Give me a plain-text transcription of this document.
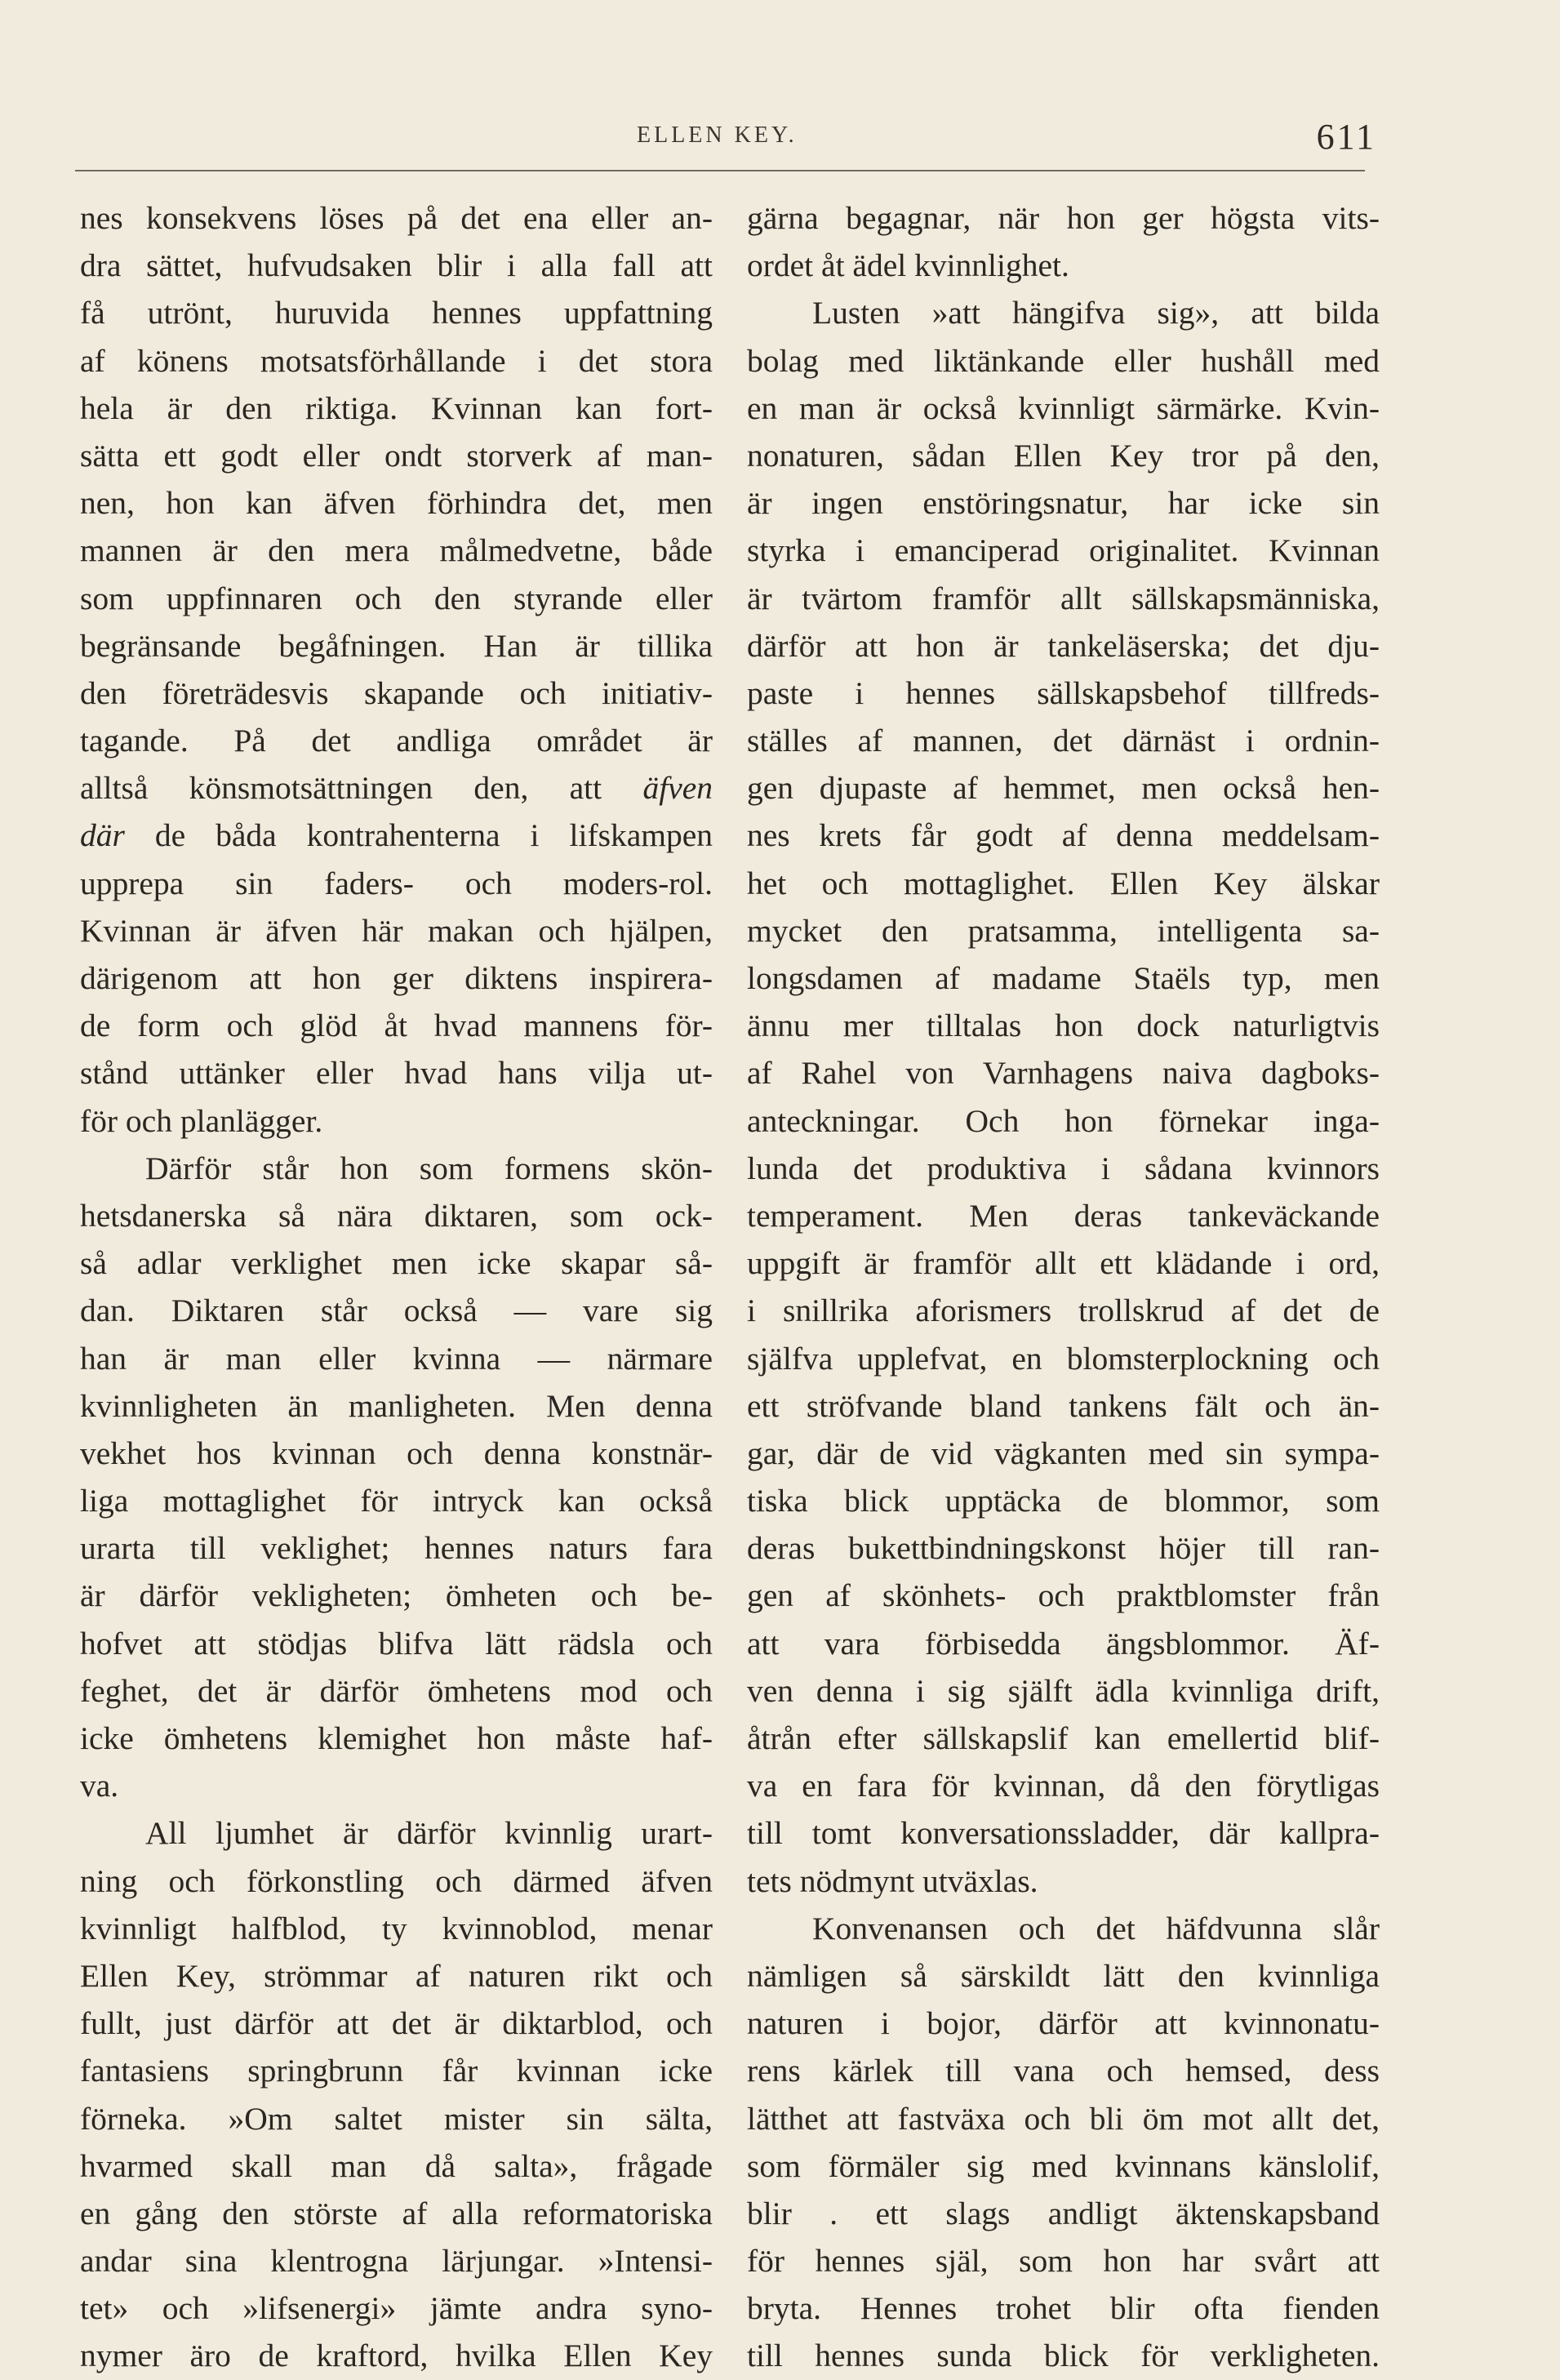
ELLEN KEY.	611
nes konsekvens löses på det ena eller an-
dra sättet, hufvudsaken blir i alla fall att
få utrönt, huruvida hennes uppfattning
af könens motsatsförhållande i det stora
hela är den riktiga. Kvinnan kan fort-
sätta ett godt eller ondt storverk af man-
nen, hon kan äfven förhindra det, men
mannen är den mera målmedvetne, både
som uppfinnaren och den styrande eller
begränsande begåfningen. Han är tillika
den företrädesvis skapande och initiativ-
tagande. På det andliga området är
alltså könsmotsättningen den, att äfven
där de båda kontrahenterna i lifskampen
upprepa sin faders- och moders-rol.
Kvinnan är äfven här makan och hjälpen,
därigenom att hon ger diktens inspirera-
de form och glöd åt hvad mannens för-
stånd uttänker eller hvad hans vilja ut-
för och planlägger.
Därför står hon som formens skön-
hetsdanerska så nära diktaren, som ock-
så adlar verklighet men icke skapar så-
dan. Diktaren står också — vare sig
han är man eller kvinna — närmare
kvinnligheten än manligheten. Men denna
vekhet hos kvinnan och denna konstnär-
liga mottaglighet för intryck kan också
urarta till veklighet; hennes naturs fara
är därför vekligheten; ömheten och be-
hofvet att stödjas blifva lätt rädsla och
feghet, det är därför ömhetens mod och
icke ömhetens klemighet hon måste haf-
va.
All ljumhet är därför kvinnlig urart-
ning och förkonstling och därmed äfven
kvinnligt halfblod, ty kvinnoblod, menar
Ellen Key, strömmar af naturen rikt och
fullt, just därför att det är diktarblod, och
fantasiens springbrunn får kvinnan icke
förneka. »Om saltet mister sin sälta,
hvarmed skall man då salta», frågade
en gång den störste af alla reformatoriska
andar sina klentrogna lärjungar. »Intensi-
tet» och »lifsenergi» jämte andra syno-
nymer äro de kraftord, hvilka Ellen Key
gärna begagnar, när hon ger högsta vits-
ordet åt ädel kvinnlighet.
Lusten »att hängifva sig», att bilda
bolag med liktänkande eller hushåll med
en man är också kvinnligt särmärke. Kvin-
nonaturen, sådan Ellen Key tror på den,
är ingen enstöringsnatur, har icke sin
styrka i emanciperad originalitet. Kvinnan
är tvärtom framför allt sällskapsmänniska,
därför att hon är tankeläserska; det dju-
paste i hennes sällskapsbehof tillfreds-
ställes af mannen, det därnäst i ordnin-
gen djupaste af hemmet, men också hen-
nes krets får godt af denna meddelsam-
het och mottaglighet. Ellen Key älskar
mycket den pratsamma, intelligenta sa-
longsdamen af madame Staëls typ, men
ännu mer tilltalas hon dock naturligtvis
af Rahel von Varnhagens naiva dagboks-
anteckningar. Och hon förnekar inga-
lunda det produktiva i sådana kvinnors
temperament. Men deras tankeväckande
uppgift är framför allt ett klädande i ord,
i snillrika aforismers trollskrud af det de
själfva upplefvat, en blomsterplockning och
ett ströfvande bland tankens fält och än-
gar, där de vid vägkanten med sin sympa-
tiska blick upptäcka de blommor, som
deras bukettbindningskonst höjer till ran-
gen af skönhets- och praktblomster från
att vara förbisedda ängsblommor. Äf-
ven denna i sig själft ädla kvinnliga drift,
åtrån efter sällskapslif kan emellertid blif-
va en fara för kvinnan, då den förytligas
till tomt konversationssladder, där kallpra-
tets nödmynt utväxlas.
Konvenansen och det häfdvunna slår
nämligen så särskildt lätt den kvinnliga
naturen i bojor, därför att kvinnonatu-
rens kärlek till vana och hemsed, dess
lätthet att fastväxa och bli öm mot allt det,
som förmäler sig med kvinnans känslolif,
blir . ett slags andligt äktenskapsband
för hennes själ, som hon har svårt att
bryta. Hennes trohet blir ofta fienden
till hennes sunda blick för verkligheten.
